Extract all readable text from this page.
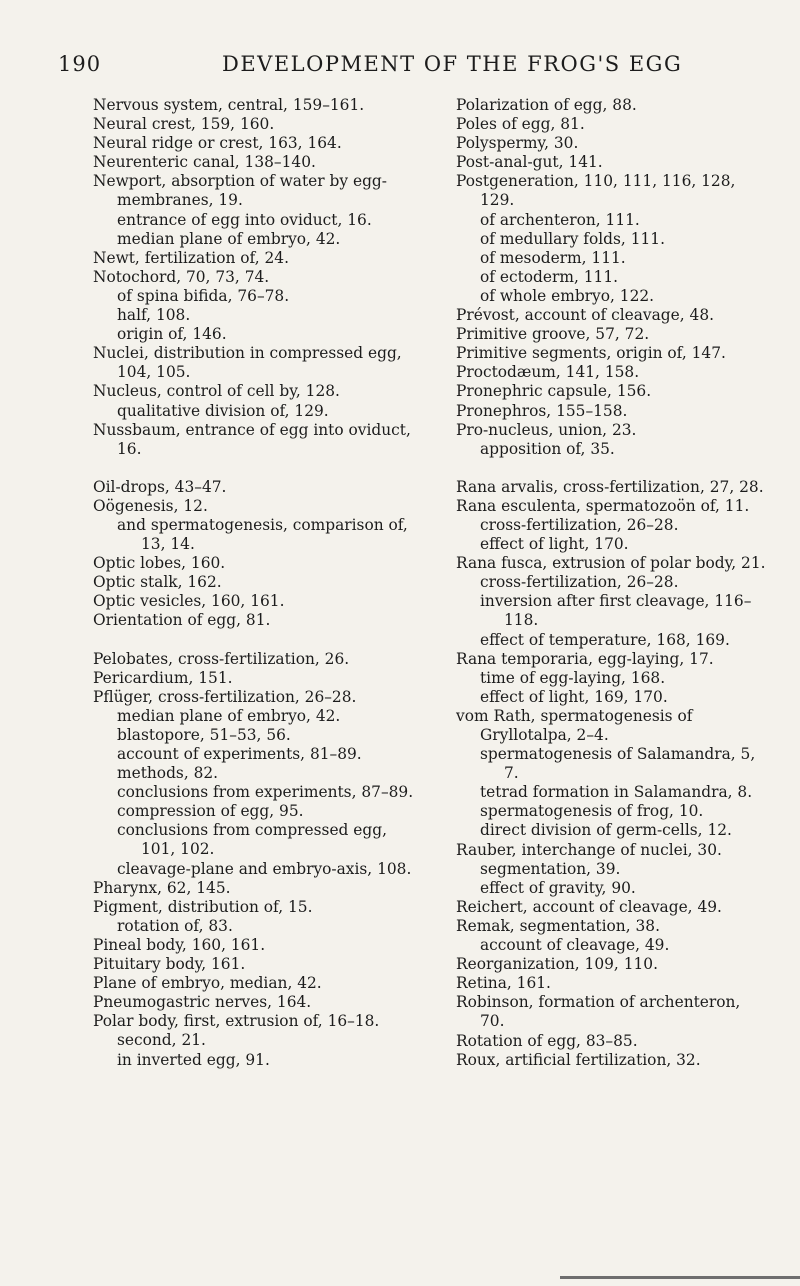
190	DEVELOPMENT OF THE FROG'S EGG
Nervous system, central, 159–161.
Neural crest, 159, 160.
Neural ridge or crest, 163, 164.
Neurenteric canal, 138–140.
Newport, absorption of water by egg-membranes, 19.
entrance of egg into oviduct, 16.
median plane of embryo, 42.
Newt, fertilization of, 24.
Notochord, 70, 73, 74.
of spina bifida, 76–78.
half, 108.
origin of, 146.
Nuclei, distribution in compressed egg, 104, 105.
Nucleus, control of cell by, 128.
qualitative division of, 129.
Nussbaum, entrance of egg into oviduct, 16.
Oil-drops, 43–47.
Oögenesis, 12.
and spermatogenesis, comparison of, 13, 14.
Optic lobes, 160.
Optic stalk, 162.
Optic vesicles, 160, 161.
Orientation of egg, 81.
Pelobates, cross-fertilization, 26.
Pericardium, 151.
Pflüger, cross-fertilization, 26–28.
median plane of embryo, 42.
blastopore, 51–53, 56.
account of experiments, 81–89.
methods, 82.
conclusions from experiments, 87–89.
compression of egg, 95.
conclusions from compressed egg, 101, 102.
cleavage-plane and embryo-axis, 108.
Pharynx, 62, 145.
Pigment, distribution of, 15.
rotation of, 83.
Pineal body, 160, 161.
Pituitary body, 161.
Plane of embryo, median, 42.
Pneumogastric nerves, 164.
Polar body, first, extrusion of, 16–18.
second, 21.
in inverted egg, 91.
Polarization of egg, 88.
Poles of egg, 81.
Polyspermy, 30.
Post-anal-gut, 141.
Postgeneration, 110, 111, 116, 128, 129.
of archenteron, 111.
of medullary folds, 111.
of mesoderm, 111.
of ectoderm, 111.
of whole embryo, 122.
Prévost, account of cleavage, 48.
Primitive groove, 57, 72.
Primitive segments, origin of, 147.
Proctodæum, 141, 158.
Pronephric capsule, 156.
Pronephros, 155–158.
Pro-nucleus, union, 23.
apposition of, 35.
Rana arvalis, cross-fertilization, 27, 28.
Rana esculenta, spermatozoön of, 11.
cross-fertilization, 26–28.
effect of light, 170.
Rana fusca, extrusion of polar body, 21.
cross-fertilization, 26–28.
inversion after first cleavage, 116–118.
effect of temperature, 168, 169.
Rana temporaria, egg-laying, 17.
time of egg-laying, 168.
effect of light, 169, 170.
vom Rath, spermatogenesis of Gryllotalpa, 2–4.
spermatogenesis of Salamandra, 5, 7.
tetrad formation in Salamandra, 8.
spermatogenesis of frog, 10.
direct division of germ-cells, 12.
Rauber, interchange of nuclei, 30.
segmentation, 39.
effect of gravity, 90.
Reichert, account of cleavage, 49.
Remak, segmentation, 38.
account of cleavage, 49.
Reorganization, 109, 110.
Retina, 161.
Robinson, formation of archenteron, 70.
Rotation of egg, 83–85.
Roux, artificial fertilization, 32.
